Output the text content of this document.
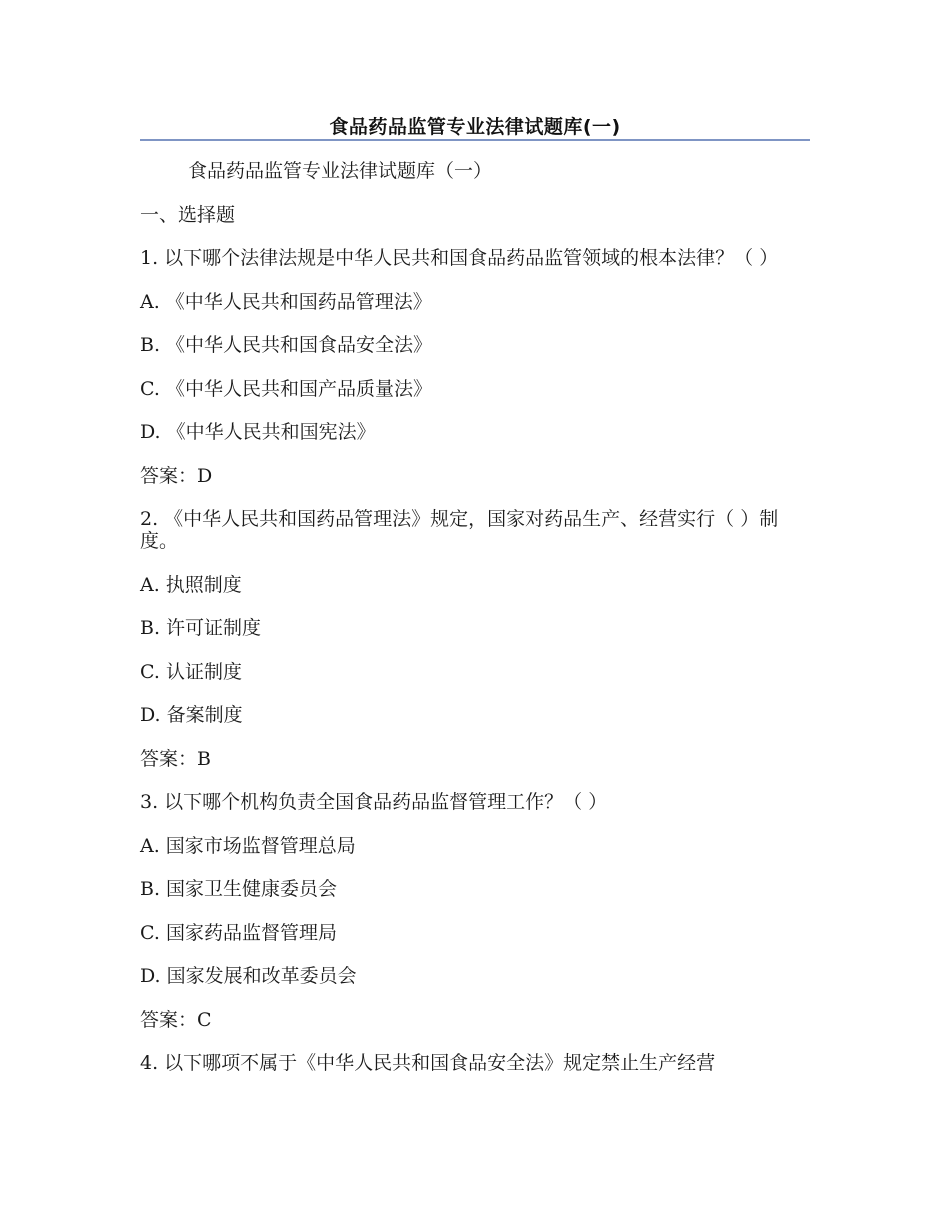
食品药品监管专业法律试题库(一)

食品药品监管专业法律试题库（一）

一、选择题

1. 以下哪个法律法规是中华人民共和国食品药品监管领域的根本法律？（ ）

A. 《中华人民共和国药品管理法》

B. 《中华人民共和国食品安全法》

C. 《中华人民共和国产品质量法》

D. 《中华人民共和国宪法》

答案：D

2. 《中华人民共和国药品管理法》规定，国家对药品生产、经营实行（ ）制度。

A. 执照制度

B. 许可证制度

C. 认证制度

D. 备案制度

答案：B

3. 以下哪个机构负责全国食品药品监督管理工作？（ ）

A. 国家市场监督管理总局

B. 国家卫生健康委员会

C. 国家药品监督管理局

D. 国家发展和改革委员会

答案：C

4. 以下哪项不属于《中华人民共和国食品安全法》规定禁止生产经营
